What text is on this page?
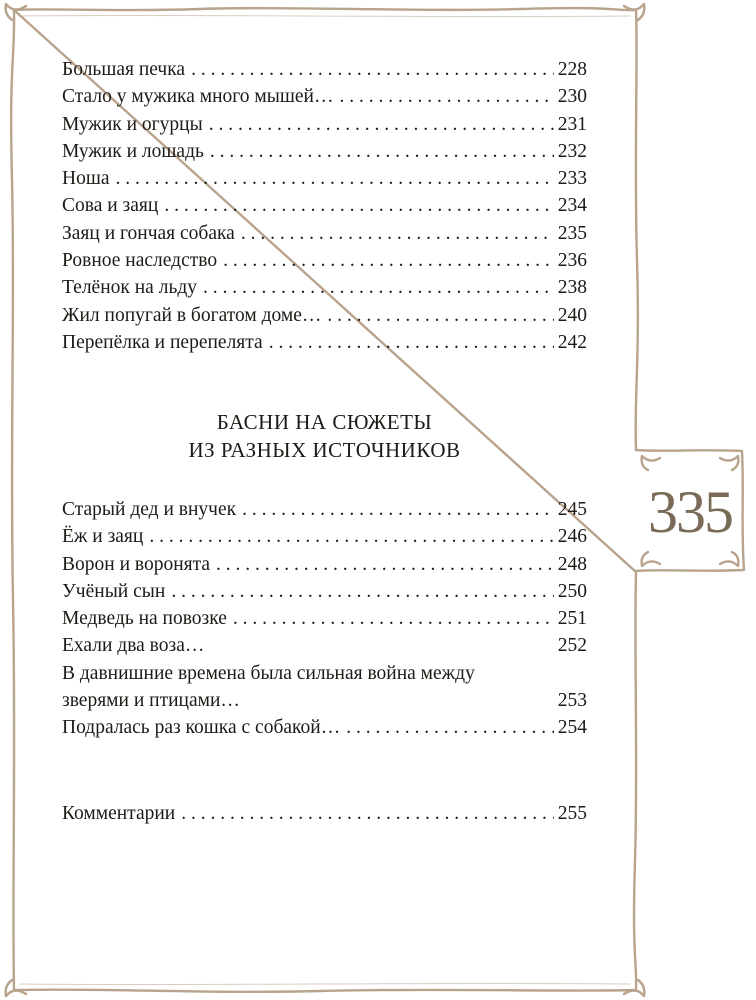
335
Большая печка . . .	228
Стало у мужика много мышей… . . .	230
Мужик и огурцы . . .	231
Мужик и лошадь . . .	232
Ноша . . .	233
Сова и заяц . . .	234
Заяц и гончая собака . . .	235
Ровное наследство . . .	236
Телёнок на льду . . .	238
Жил попугай в богатом доме… . . .	240
Перепёлка и перепелята . . .	242
БАСНИ НА СЮЖЕТЫ
ИЗ РАЗНЫХ ИСТОЧНИКОВ
Старый дед и внучек . . .	245
Ёж и заяц . . .	246
Ворон и воронята . . .	248
Учёный сын . . .	250
Медведь на повозке . . .	251
Ехали два воза…	252
В давнишние времена была сильная война между
зверями и птицами…	253
Подралась раз кошка с собакой… . . .	254
Комментарии . . .	255
